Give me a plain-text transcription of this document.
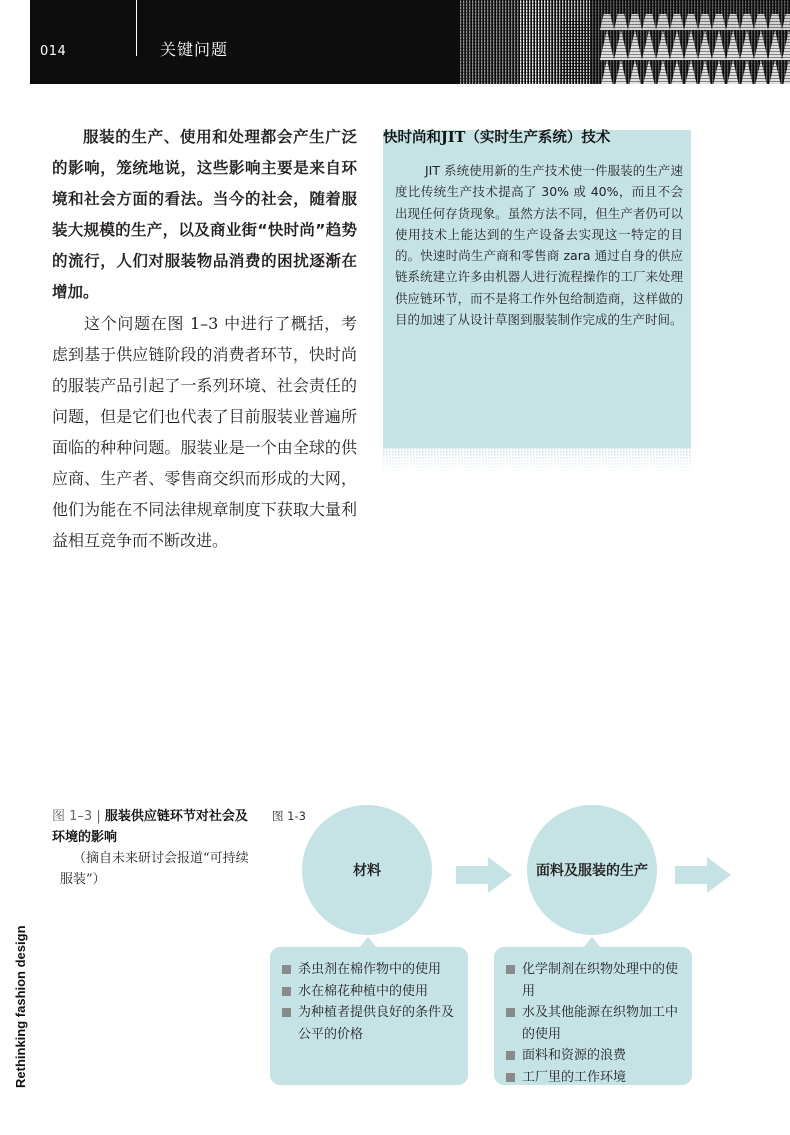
014	关键问题

服装的生产、使用和处理都会产生广泛的影响，笼统地说，这些影响主要是来自环境和社会方面的看法。当今的社会，随着服装大规模的生产，以及商业街“快时尚”趋势的流行，人们对服装物品消费的困扰逐渐在增加。

这个问题在图 1–3 中进行了概括，考虑到基于供应链阶段的消费者环节，快时尚的服装产品引起了一系列环境、社会责任的问题，但是它们也代表了目前服装业普遍所面临的种种问题。服装业是一个由全球的供应商、生产者、零售商交织而形成的大网，他们为能在不同法律规章制度下获取大量利益相互竞争而不断改进。

快时尚和JIT（实时生产系统）技术

JIT 系统使用新的生产技术使一件服装的生产速度比传统生产技术提高了 30% 或 40%，而且不会出现任何存货现象。虽然方法不同，但生产者仍可以使用技术上能达到的生产设备去实现这一特定的目的。快速时尚生产商和零售商 zara 通过自身的供应链系统建立许多由机器人进行流程操作的工厂来处理供应链环节，而不是将工作外包给制造商，这样做的目的加速了从设计草图到服装制作完成的生产时间。

图 1–3 | 服装供应链环节对社会及环境的影响
（摘自未来研讨会报道“可持续服装”）
图 1-3
材料	面料及服装的生产
杀虫剂在棉作物中的使用
水在棉花种植中的使用
为种植者提供良好的条件及公平的价格
化学制剂在织物处理中的使用
水及其他能源在织物加工中的使用
面料和资源的浪费
工厂里的工作环境
Rethinking fashion design
